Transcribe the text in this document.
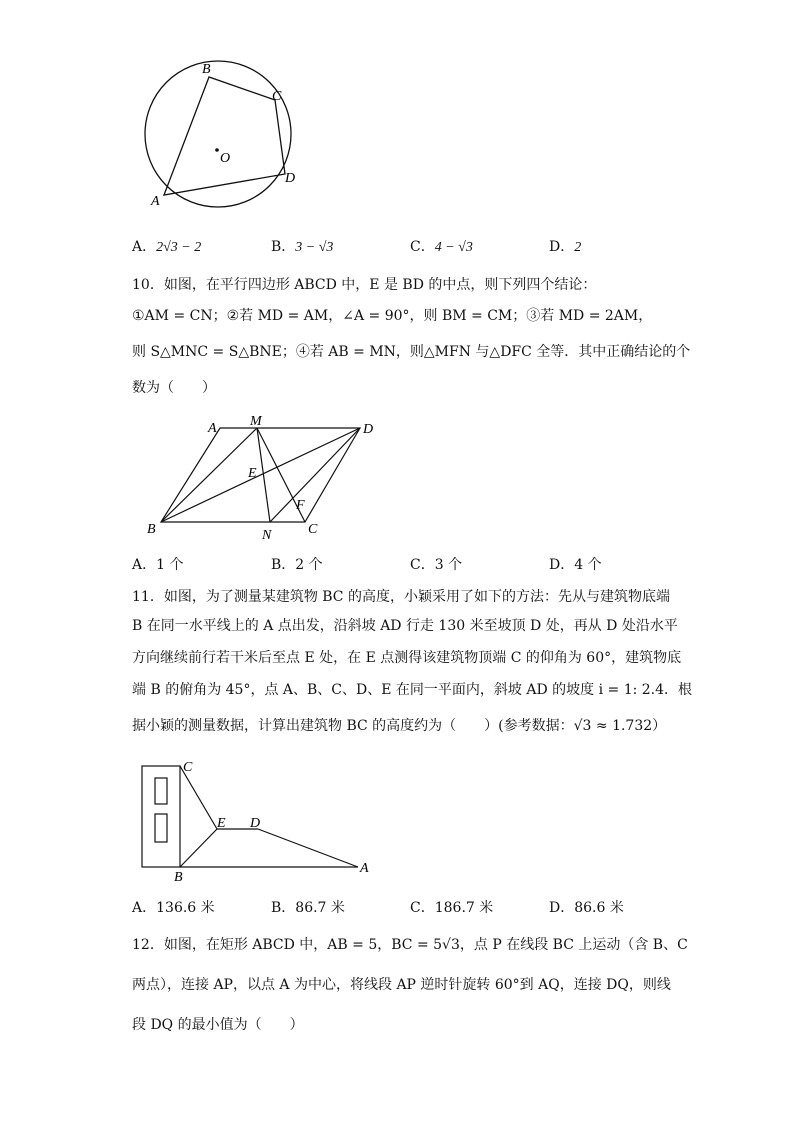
B
C
O
D
A
A．2√3 − 2	B．3 − √3	C．4 − √3	D．2
10．如图，在平行四边形 ABCD 中，E 是 BD 的中点，则下列四个结论：
①AM = CN；②若 MD = AM，∠A = 90°，则 BM = CM；③若 MD = 2AM，
则 S△MNC = S△BNE；④若 AB = MN，则△MFN 与△DFC 全等．其中正确结论的个
数为（　　）
A M
D
E
F
B	N	C
A．1 个	B．2 个	C．3 个	D．4 个
11．如图，为了测量某建筑物 BC 的高度，小颖采用了如下的方法：先从与建筑物底端
B 在同一水平线上的 A 点出发，沿斜坡 AD 行走 130 米至坡顶 D 处，再从 D 处沿水平
方向继续前行若干米后至点 E 处，在 E 点测得该建筑物顶端 C 的仰角为 60°，建筑物底
端 B 的俯角为 45°，点 A、B、C、D、E 在同一平面内，斜坡 AD 的坡度 i = 1: 2.4．根
据小颖的测量数据，计算出建筑物 BC 的高度约为（　　）(参考数据：√3 ≈ 1.732）
C
E D
A
B
A．136.6 米	B．86.7 米	C．186.7 米	D．86.6 米
12．如图，在矩形 ABCD 中，AB = 5，BC = 5√3，点 P 在线段 BC 上运动（含 B、C
两点），连接 AP，以点 A 为中心，将线段 AP 逆时针旋转 60°到 AQ，连接 DQ，则线
段 DQ 的最小值为（　　）
